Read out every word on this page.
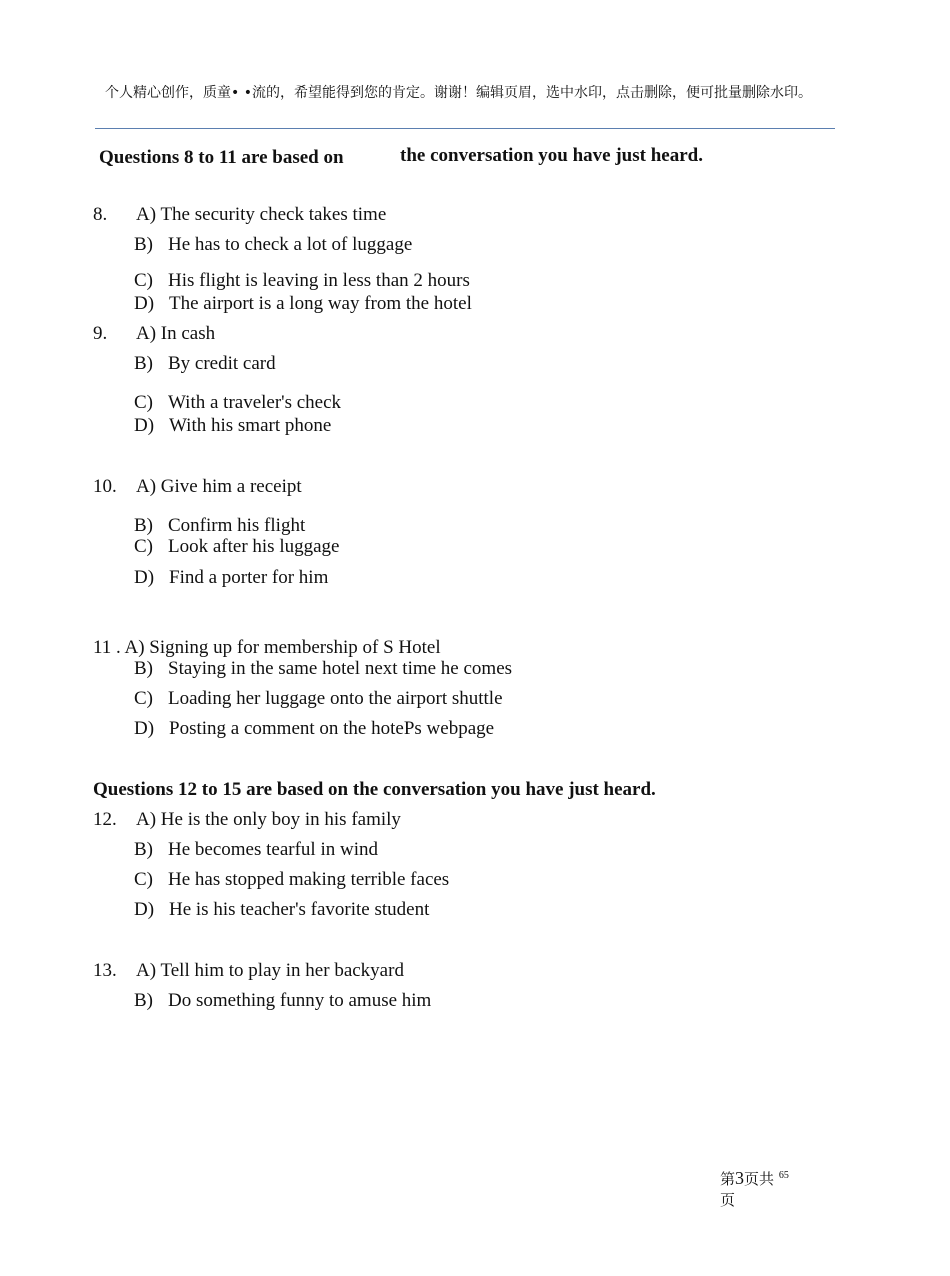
个人精心创作，质童• •流的，希望能得到您的肯定。谢谢！编辑页眉，选中水印，点击删除，便可批量删除水印。
Questions 8 to 11 are based on	the conversation you have just heard.
8. A) The security check takes time
B) He has to check a lot of luggage
C) His flight is leaving in less than 2 hours
D) The airport is a long way from the hotel
9. A) In cash
B) By credit card
C) With a traveler's check
D) With his smart phone
10. A) Give him a receipt
B) Confirm his flight
C) Look after his luggage
D) Find a porter for him
11 . A) Signing up for membership of S Hotel
B) Staying in the same hotel next time he comes
C) Loading her luggage onto the airport shuttle
D) Posting a comment on the hotePs webpage
Questions 12 to 15 are based on the conversation you have just heard.
12. A) He is the only boy in his family
B) He becomes tearful in wind
C) He has stopped making terrible faces
D) He is his teacher's favorite student
13. A) Tell him to play in her backyard
B) Do something funny to amuse him
第3页共 $^{65}$
页
